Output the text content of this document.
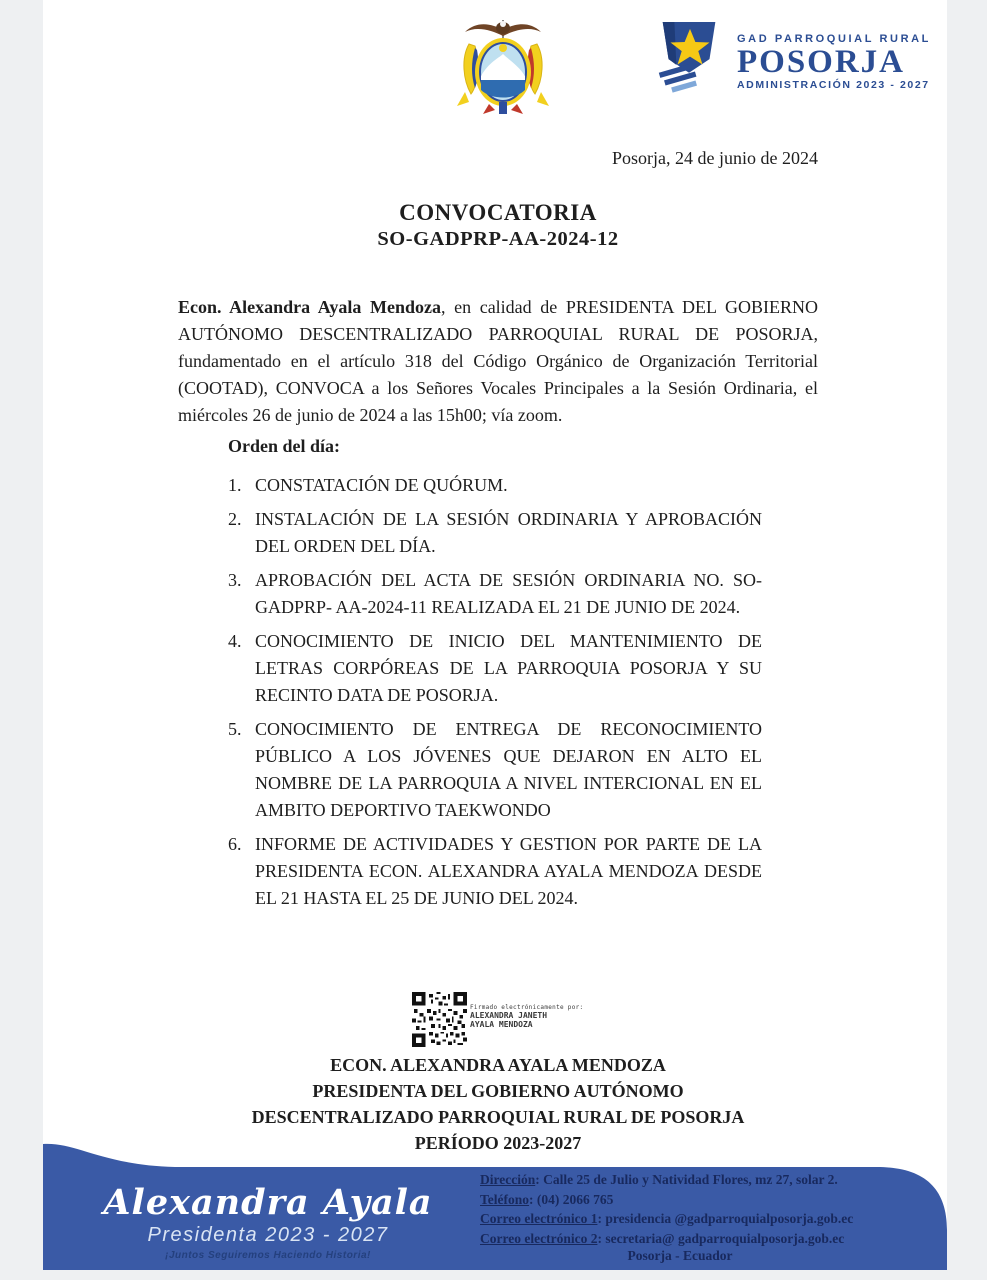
GAD PARROQUIAL RURAL
POSORJA
ADMINISTRACIÓN 2023 - 2027
Posorja, 24 de junio de 2024
CONVOCATORIA
SO-GADPRP-AA-2024-12

Econ. Alexandra Ayala Mendoza, en calidad de PRESIDENTA DEL GOBIERNO AUTÓNOMO DESCENTRALIZADO PARROQUIAL RURAL DE POSORJA, fundamentado en el artículo 318 del Código Orgánico de Organización Territorial (COOTAD), CONVOCA a los Señores Vocales Principales a la Sesión Ordinaria, el miércoles 26 de junio de 2024 a las 15h00; vía zoom.

Orden del día:
1. CONSTATACIÓN DE QUÓRUM.
2. INSTALACIÓN DE LA SESIÓN ORDINARIA Y APROBACIÓN DEL ORDEN DEL DÍA.
3. APROBACIÓN DEL ACTA DE SESIÓN ORDINARIA NO. SO-GADPRP- AA-2024-11 REALIZADA EL 21 DE JUNIO DE 2024.
4. CONOCIMIENTO DE INICIO DEL MANTENIMIENTO DE LETRAS CORPÓREAS DE LA PARROQUIA POSORJA Y SU RECINTO DATA DE POSORJA.
5. CONOCIMIENTO DE ENTREGA DE RECONOCIMIENTO PÚBLICO A LOS JÓVENES QUE DEJARON EN ALTO EL NOMBRE DE LA PARROQUIA A NIVEL INTERCIONAL EN EL AMBITO DEPORTIVO TAEKWONDO
6. INFORME DE ACTIVIDADES Y GESTION POR PARTE DE LA PRESIDENTA ECON. ALEXANDRA AYALA MENDOZA DESDE EL 21 HASTA EL 25 DE JUNIO DEL 2024.
Firmado electrónicamente por:
ALEXANDRA JANETH
AYALA MENDOZA
ECON. ALEXANDRA AYALA MENDOZA
PRESIDENTA DEL GOBIERNO AUTÓNOMO
DESCENTRALIZADO PARROQUIAL RURAL DE POSORJA
PERÍODO 2023-2027
Alexandra Ayala
Presidenta 2023 - 2027
¡Juntos Seguiremos Haciendo Historia!
Dirección: Calle 25 de Julio y Natividad Flores, mz 27, solar 2.
Teléfono: (04) 2066 765
Correo electrónico 1: presidencia @gadparroquialposorja.gob.ec
Correo electrónico 2: secretaria@ gadparroquialposorja.gob.ec
Posorja - Ecuador
